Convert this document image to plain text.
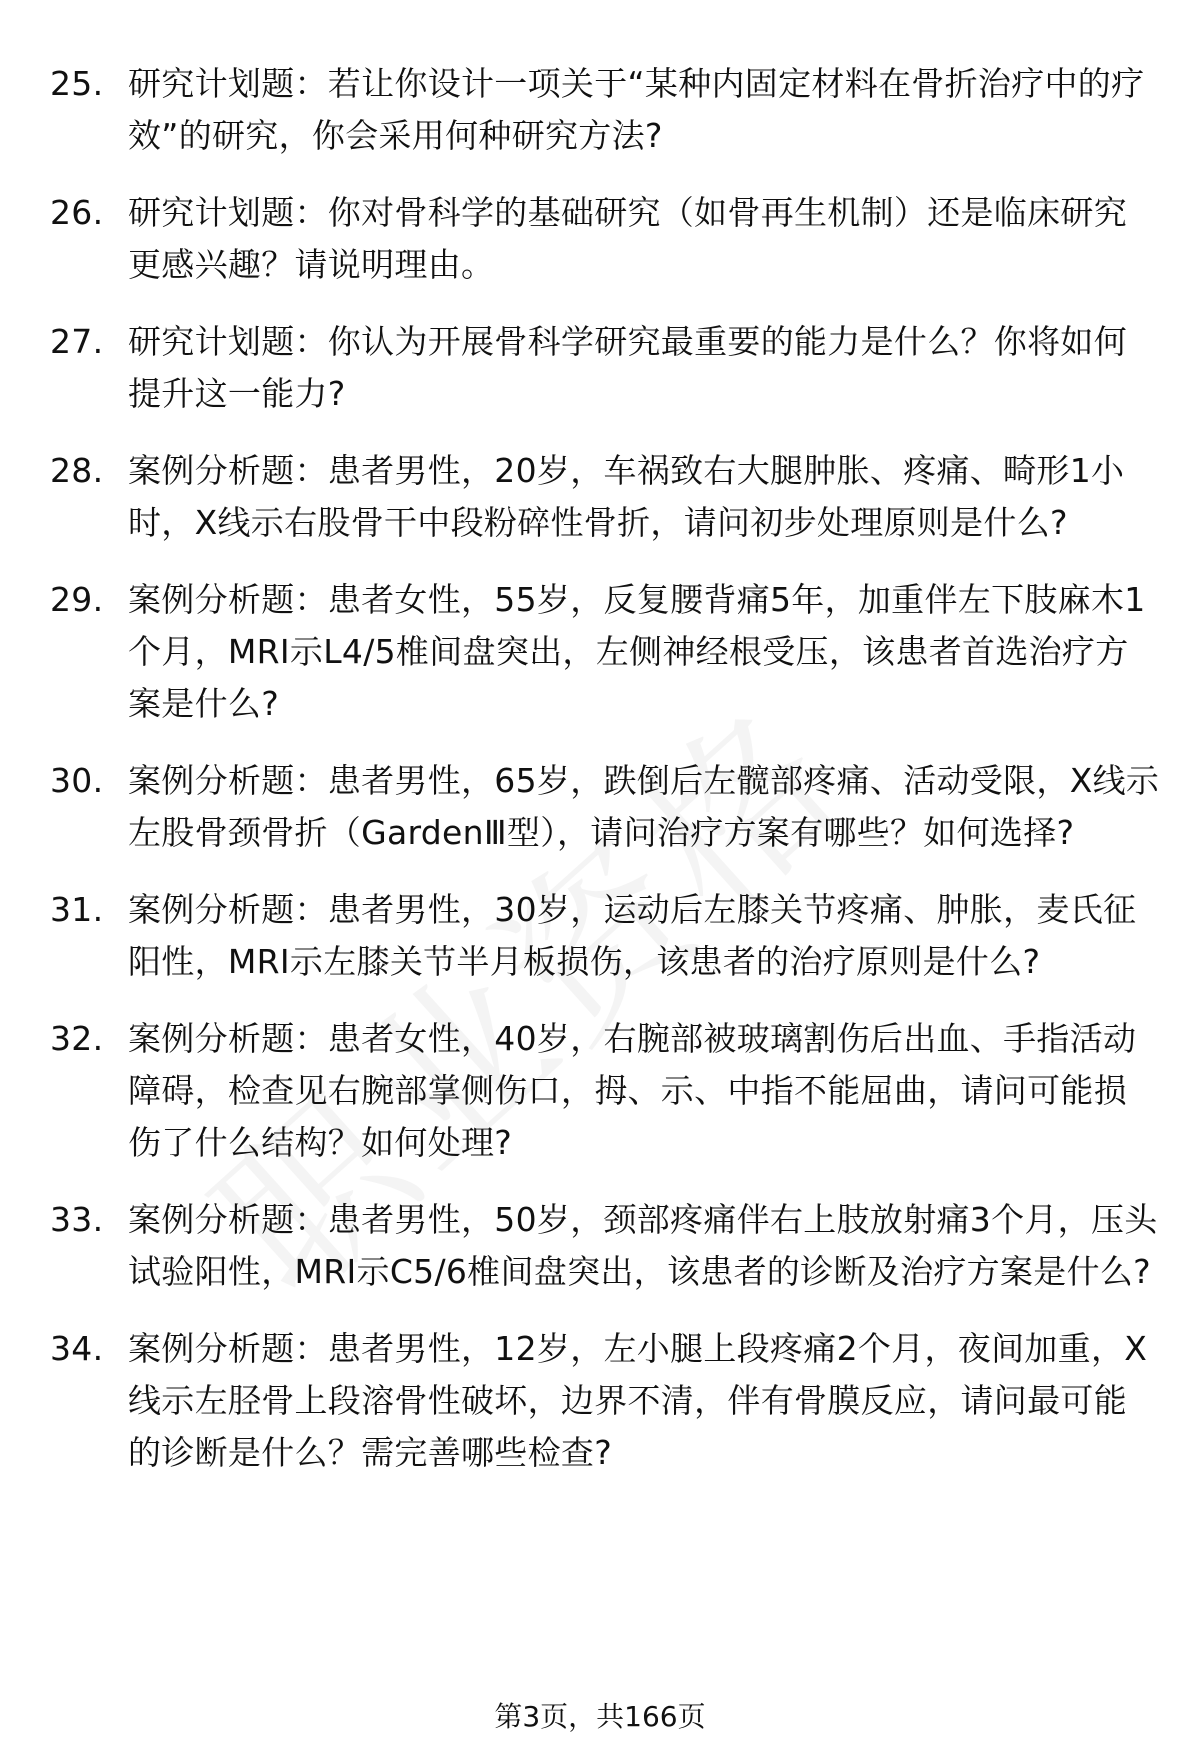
25. 研究计划题：若让你设计一项关于“某种内固定材料在骨折治疗中的疗效”的研究，你会采用何种研究方法?
26. 研究计划题：你对骨科学的基础研究（如骨再生机制）还是临床研究更感兴趣？请说明理由。
27. 研究计划题：你认为开展骨科学研究最重要的能力是什么？你将如何提升这一能力?
28. 案例分析题：患者男性，20岁，车祸致右大腿肿胀、疼痛、畸形1小时，X线示右股骨干中段粉碎性骨折，请问初步处理原则是什么?
29. 案例分析题：患者女性，55岁，反复腰背痛5年，加重伴左下肢麻木1个月，MRI示L4/5椎间盘突出，左侧神经根受压，该患者首选治疗方案是什么?
30. 案例分析题：患者男性，65岁，跌倒后左髋部疼痛、活动受限，X线示左股骨颈骨折（GardenⅢ型），请问治疗方案有哪些？如何选择?
31. 案例分析题：患者男性，30岁，运动后左膝关节疼痛、肿胀，麦氏征阳性，MRI示左膝关节半月板损伤，该患者的治疗原则是什么?
32. 案例分析题：患者女性，40岁，右腕部被玻璃割伤后出血、手指活动障碍，检查见右腕部掌侧伤口，拇、示、中指不能屈曲，请问可能损伤了什么结构？如何处理?
33. 案例分析题：患者男性，50岁，颈部疼痛伴右上肢放射痛3个月，压头试验阳性，MRI示C5/6椎间盘突出，该患者的诊断及治疗方案是什么?
34. 案例分析题：患者男性，12岁，左小腿上段疼痛2个月，夜间加重，X线示左胫骨上段溶骨性破坏，边界不清，伴有骨膜反应，请问最可能的诊断是什么？需完善哪些检查?
第3页，共166页
